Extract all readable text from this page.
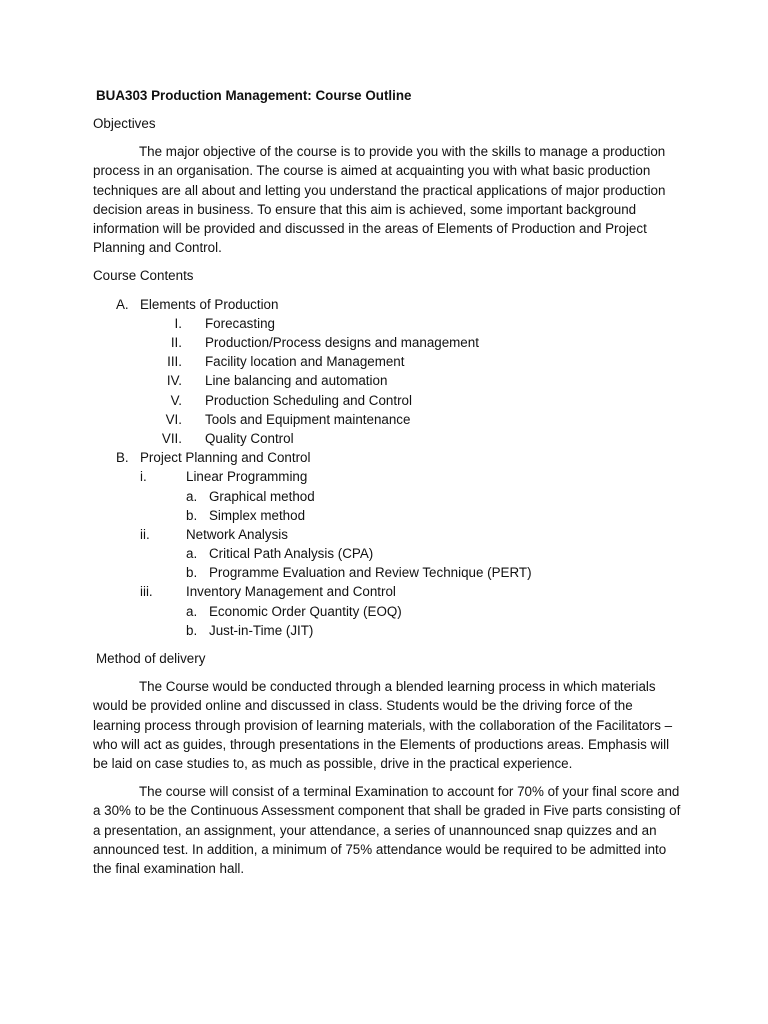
BUA303 Production Management: Course Outline
Objectives

The major objective of the course is to provide you with the skills to manage a production process in an organisation. The course is aimed at acquainting you with what basic production techniques are all about and letting you understand the practical applications of major production decision areas in business. To ensure that this aim is achieved, some important background information will be provided and discussed in the areas of Elements of Production and Project Planning and Control.

Course Contents
A. Elements of Production
I.	Forecasting
II.	Production/Process designs and management
III.	Facility location and Management
IV.	Line balancing and automation
V.	Production Scheduling and Control
VI.	Tools and Equipment maintenance
VII.	Quality Control
B. Project Planning and Control
i.	Linear Programming
a. Graphical method
b. Simplex method
ii.	Network Analysis
a. Critical Path Analysis (CPA)
b. Programme Evaluation and Review Technique (PERT)
iii.	Inventory Management and Control
a. Economic Order Quantity (EOQ)
b. Just-in-Time (JIT)
Method of delivery

The Course would be conducted through a blended learning process in which materials would be provided online and discussed in class. Students would be the driving force of the learning process through provision of learning materials, with the collaboration of the Facilitators – who will act as guides, through presentations in the Elements of productions areas. Emphasis will be laid on case studies to, as much as possible, drive in the practical experience.

The course will consist of a terminal Examination to account for 70% of your final score and a 30% to be the Continuous Assessment component that shall be graded in Five parts consisting of a presentation, an assignment, your attendance, a series of unannounced snap quizzes and an announced test. In addition, a minimum of 75% attendance would be required to be admitted into the final examination hall.
